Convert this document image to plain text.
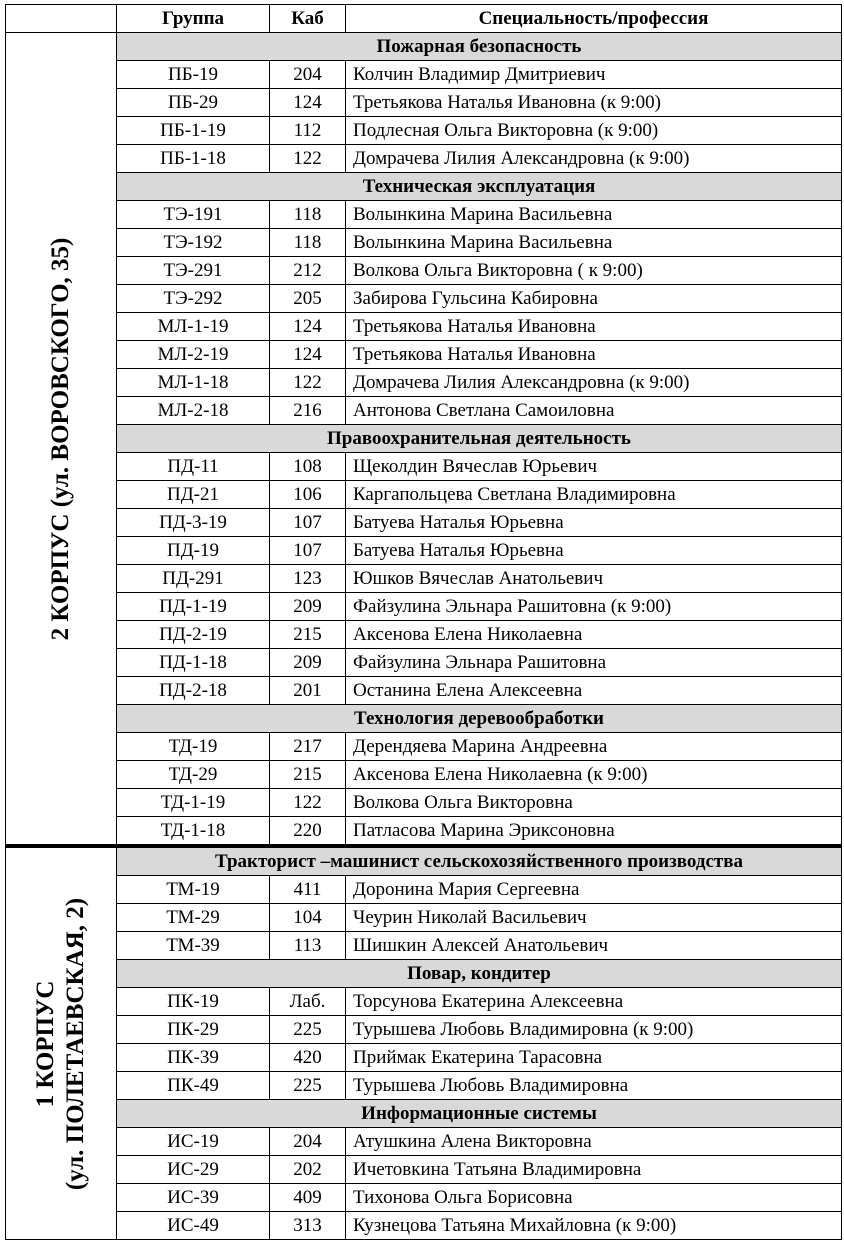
	Группа	Каб	Специальность/профессия

2 КОРПУС (ул. ВОРОВСКОГО, 35)	Пожарная безопасность		
	ПБ-19	204	Колчин Владимир Дмитриевич
	ПБ-29	124	Третьякова Наталья Ивановна (к 9:00)
	ПБ-1-19	112	Подлесная Ольга Викторовна (к 9:00)
	ПБ-1-18	122	Домрачева Лилия Александровна (к 9:00)
	Техническая эксплуатация		
	ТЭ-191	118	Волынкина Марина Васильевна
	ТЭ-192	118	Волынкина Марина Васильевна
	ТЭ-291	212	Волкова Ольга Викторовна ( к 9:00)
	ТЭ-292	205	Забирова Гульсина Кабировна
	МЛ-1-19	124	Третьякова Наталья Ивановна
	МЛ-2-19	124	Третьякова Наталья Ивановна
	МЛ-1-18	122	Домрачева Лилия Александровна (к 9:00)
	МЛ-2-18	216	Антонова Светлана Самоиловна
	Правоохранительная деятельность		
	ПД-11	108	Щеколдин Вячеслав Юрьевич
	ПД-21	106	Каргапольцева Светлана Владимировна
	ПД-3-19	107	Батуева Наталья Юрьевна
	ПД-19	107	Батуева Наталья Юрьевна
	ПД-291	123	Юшков Вячеслав Анатольевич
	ПД-1-19	209	Файзулина Эльнара Рашитовна (к 9:00)
	ПД-2-19	215	Аксенова Елена Николаевна
	ПД-1-18	209	Файзулина Эльнара Рашитовна
	ПД-2-18	201	Останина Елена Алексеевна
	Технология деревообработки		
	ТД-19	217	Дерендяева Марина Андреевна
	ТД-29	215	Аксенова Елена Николаевна (к 9:00)
	ТД-1-19	122	Волкова Ольга Викторовна
	ТД-1-18	220	Патласова Марина Эриксоновна

1 КОРПУС (ул. ПОЛЕТАЕВСКАЯ, 2)	Тракторист –машинист сельскохозяйственного производства		
	ТМ-19	411	Доронина Мария Сергеевна
	ТМ-29	104	Чеурин Николай Васильевич
	ТМ-39	113	Шишкин Алексей Анатольевич
	Повар, кондитер		
	ПК-19	Лаб.	Торсунова Екатерина Алексеевна
	ПК-29	225	Турышева Любовь Владимировна (к 9:00)
	ПК-39	420	Приймак Екатерина Тарасовна
	ПК-49	225	Турышева Любовь Владимировна
	Информационные системы		
	ИС-19	204	Атушкина Алена Викторовна
	ИС-29	202	Ичетовкина Татьяна Владимировна
	ИС-39	409	Тихонова Ольга Борисовна
	ИС-49	313	Кузнецова Татьяна Михайловна (к 9:00)
